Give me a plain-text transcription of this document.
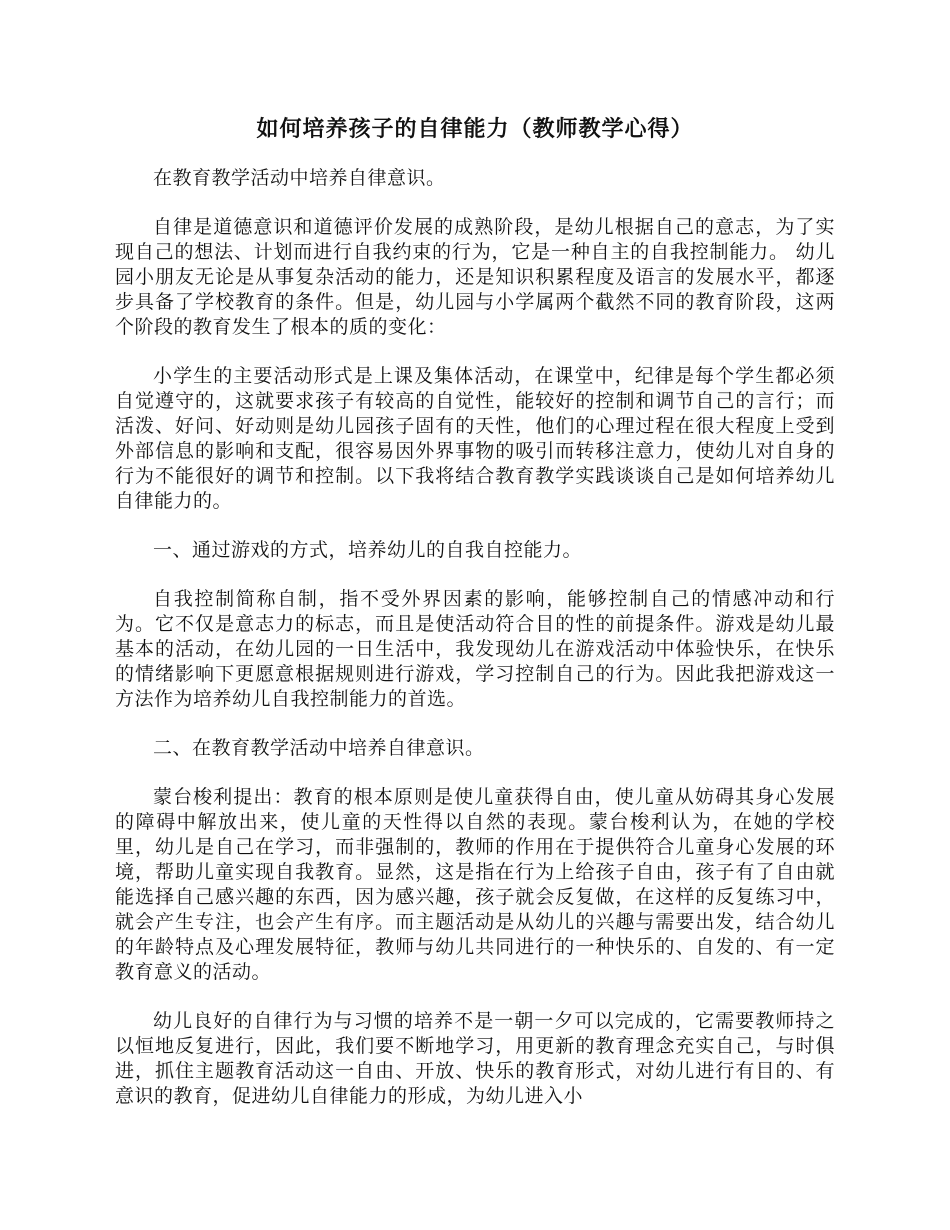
如何培养孩子的自律能力（教师教学心得）

在教育教学活动中培养自律意识。

自律是道德意识和道德评价发展的成熟阶段，是幼儿根据自己的意志，为了实现自己的想法、计划而进行自我约束的行为，它是一种自主的自我控制能力。 幼儿园小朋友无论是从事复杂活动的能力，还是知识积累程度及语言的发展水平，都逐步具备了学校教育的条件。但是，幼儿园与小学属两个截然不同的教育阶段，这两个阶段的教育发生了根本的质的变化：

小学生的主要活动形式是上课及集体活动，在课堂中，纪律是每个学生都必须自觉遵守的，这就要求孩子有较高的自觉性，能较好的控制和调节自己的言行；而活泼、好问、好动则是幼儿园孩子固有的天性，他们的心理过程在很大程度上受到外部信息的影响和支配，很容易因外界事物的吸引而转移注意力，使幼儿对自身的行为不能很好的调节和控制。以下我将结合教育教学实践谈谈自己是如何培养幼儿自律能力的。

一、通过游戏的方式，培养幼儿的自我自控能力。

自我控制简称自制，指不受外界因素的影响，能够控制自己的情感冲动和行为。它不仅是意志力的标志，而且是使活动符合目的性的前提条件。游戏是幼儿最基本的活动，在幼儿园的一日生活中，我发现幼儿在游戏活动中体验快乐，在快乐的情绪影响下更愿意根据规则进行游戏，学习控制自己的行为。因此我把游戏这一方法作为培养幼儿自我控制能力的首选。

二、在教育教学活动中培养自律意识。

蒙台梭利提出：教育的根本原则是使儿童获得自由，使儿童从妨碍其身心发展的障碍中解放出来，使儿童的天性得以自然的表现。蒙台梭利认为，在她的学校里，幼儿是自己在学习，而非强制的，教师的作用在于提供符合儿童身心发展的环境，帮助儿童实现自我教育。显然，这是指在行为上给孩子自由，孩子有了自由就能选择自己感兴趣的东西，因为感兴趣，孩子就会反复做，在这样的反复练习中，就会产生专注，也会产生有序。而主题活动是从幼儿的兴趣与需要出发，结合幼儿的年龄特点及心理发展特征，教师与幼儿共同进行的一种快乐的、自发的、有一定教育意义的活动。

幼儿良好的自律行为与习惯的培养不是一朝一夕可以完成的，它需要教师持之以恒地反复进行，因此，我们要不断地学习，用更新的教育理念充实自己，与时俱进，抓住主题教育活动这一自由、开放、快乐的教育形式，对幼儿进行有目的、有意识的教育，促进幼儿自律能力的形成，为幼儿进入小
